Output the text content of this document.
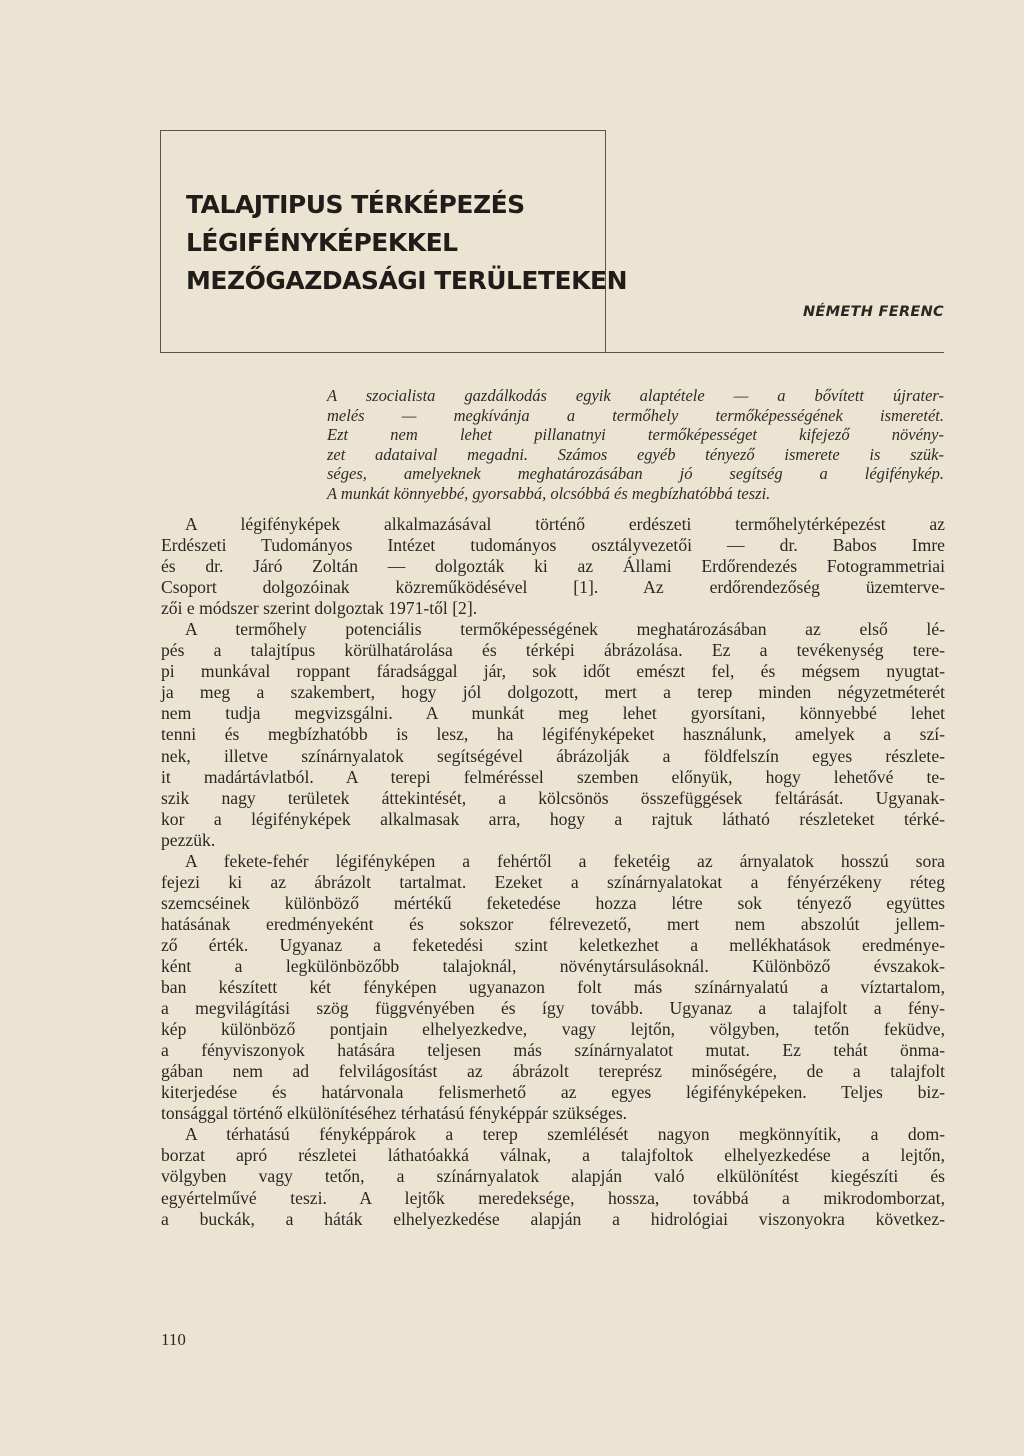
TALAJTIPUS TÉRKÉPEZÉS
LÉGIFÉNYKÉPEKKEL
MEZŐGAZDASÁGI TERÜLETEKEN
NÉMETH FERENC
A szocialista gazdálkodás egyik alaptétele — a bővített újrater-
melés — megkívánja a termőhely termőképességének ismeretét.
Ezt nem lehet pillanatnyi termőképességet kifejező növény-
zet adataival megadni. Számos egyéb tényező ismerete is szük-
séges, amelyeknek meghatározásában jó segítség a légifénykép.
A munkát könnyebbé, gyorsabbá, olcsóbbá és megbízhatóbbá teszi.
A légifényképek alkalmazásával történő erdészeti termőhelytérképezést az
Erdészeti Tudományos Intézet tudományos osztályvezetői — dr. Babos Imre
és dr. Járó Zoltán — dolgozták ki az Állami Erdőrendezés Fotogrammetriai
Csoport dolgozóinak közreműködésével [1]. Az erdőrendezőség üzemterve-
zői e módszer szerint dolgoztak 1971-től [2].
A termőhely potenciális termőképességének meghatározásában az első lé-
pés a talajtípus körülhatárolása és térképi ábrázolása. Ez a tevékenység tere-
pi munkával roppant fáradsággal jár, sok időt emészt fel, és mégsem nyugtat-
ja meg a szakembert, hogy jól dolgozott, mert a terep minden négyzetméterét
nem tudja megvizsgálni. A munkát meg lehet gyorsítani, könnyebbé lehet
tenni és megbízhatóbb is lesz, ha légifényképeket használunk, amelyek a szí-
nek, illetve színárnyalatok segítségével ábrázolják a földfelszín egyes részlete-
it madártávlatból. A terepi felméréssel szemben előnyük, hogy lehetővé te-
szik nagy területek áttekintését, a kölcsönös összefüggések feltárását. Ugyanak-
kor a légifényképek alkalmasak arra, hogy a rajtuk látható részleteket térké-
pezzük.
A fekete-fehér légifényképen a fehértől a feketéig az árnyalatok hosszú sora
fejezi ki az ábrázolt tartalmat. Ezeket a színárnyalatokat a fényérzékeny réteg
szemcséinek különböző mértékű feketedése hozza létre sok tényező együttes
hatásának eredményeként és sokszor félrevezető, mert nem abszolút jellem-
ző érték. Ugyanaz a feketedési szint keletkezhet a mellékhatások eredménye-
ként a legkülönbözőbb talajoknál, növénytársulásoknál. Különböző évszakok-
ban készített két fényképen ugyanazon folt más színárnyalatú a víztartalom,
a megvilágítási szög függvényében és így tovább. Ugyanaz a talajfolt a fény-
kép különböző pontjain elhelyezkedve, vagy lejtőn, völgyben, tetőn feküdve,
a fényviszonyok hatására teljesen más színárnyalatot mutat. Ez tehát önma-
gában nem ad felvilágosítást az ábrázolt tereprész minőségére, de a talajfolt
kiterjedése és határvonala felismerhető az egyes légifényképeken. Teljes biz-
tonsággal történő elkülönítéséhez térhatású fényképpár szükséges.
A térhatású fényképpárok a terep szemlélését nagyon megkönnyítik, a dom-
borzat apró részletei láthatóakká válnak, a talajfoltok elhelyezkedése a lejtőn,
völgyben vagy tetőn, a színárnyalatok alapján való elkülönítést kiegészíti és
egyértelművé teszi. A lejtők meredeksége, hossza, továbbá a mikrodomborzat,
a buckák, a háták elhelyezkedése alapján a hidrológiai viszonyokra következ-
110
